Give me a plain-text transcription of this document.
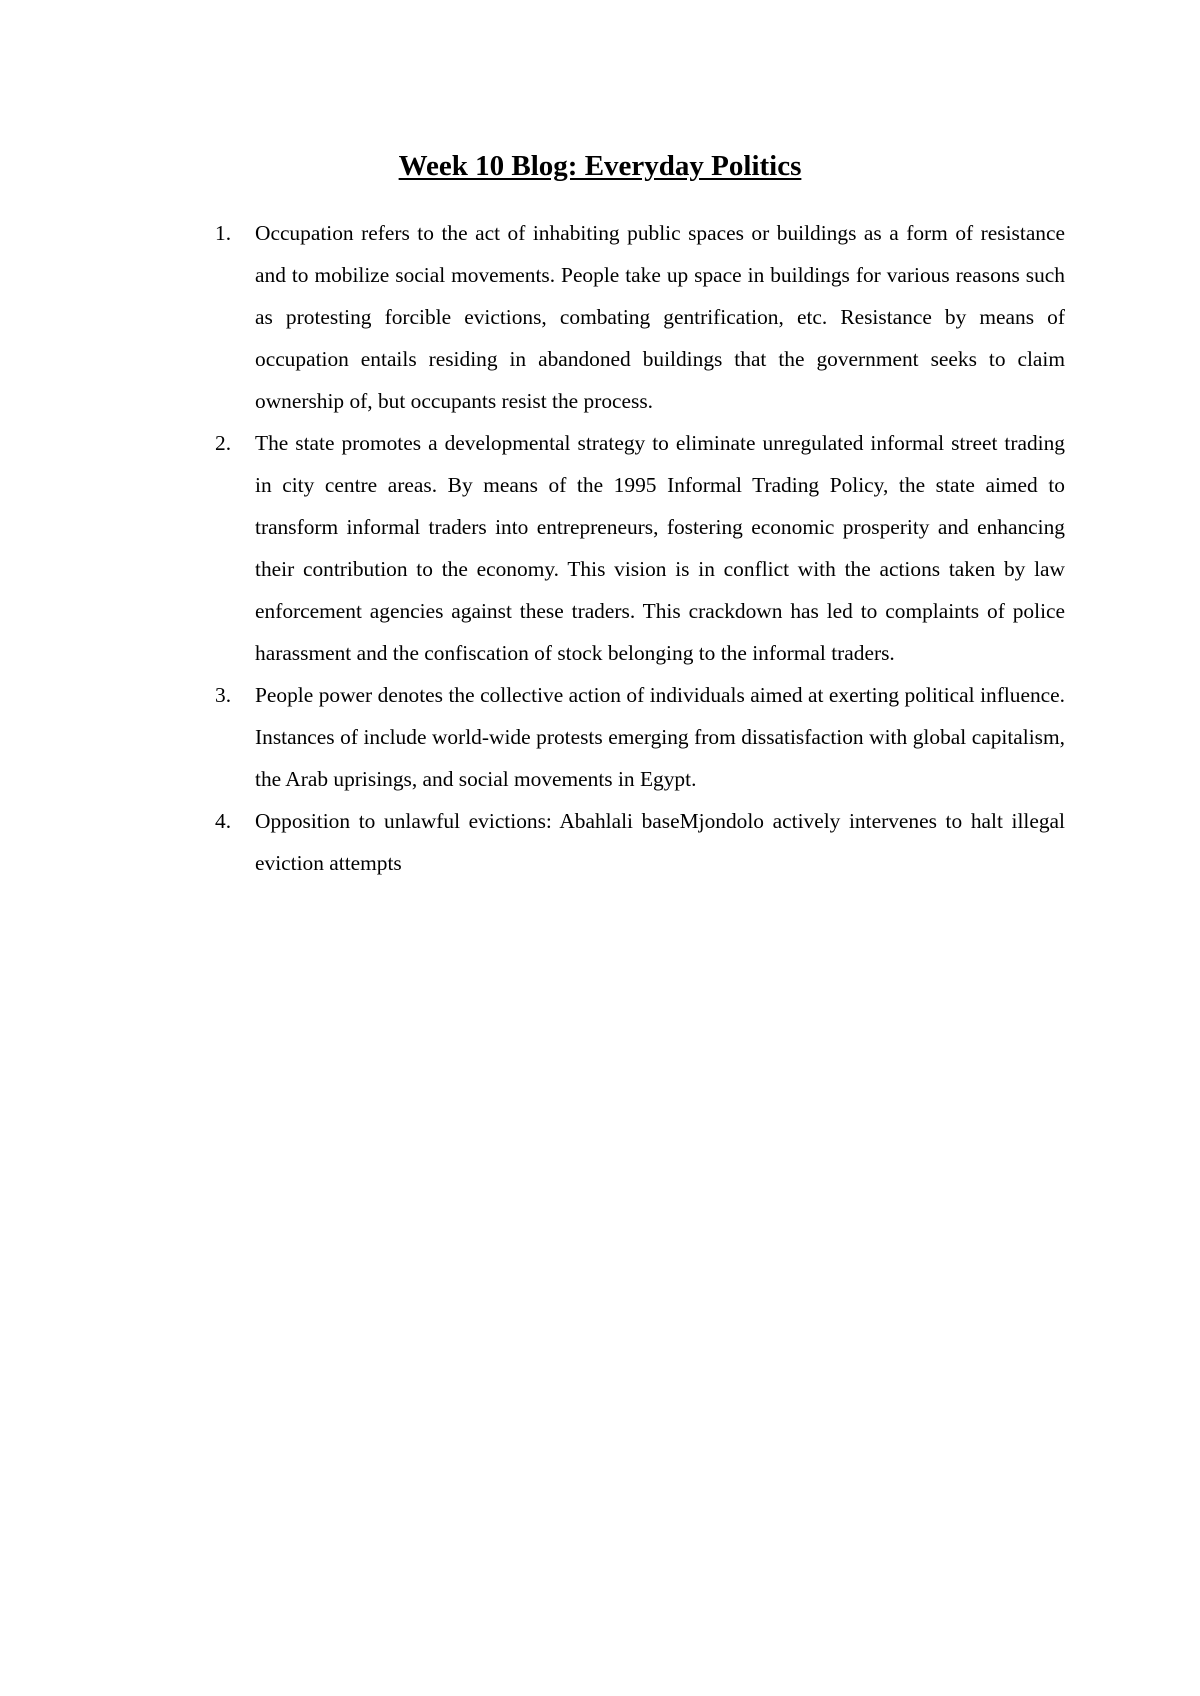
Week 10 Blog: Everyday Politics
1. Occupation refers to the act of inhabiting public spaces or buildings as a form of resistance and to mobilize social movements. People take up space in buildings for various reasons such as protesting forcible evictions, combating gentrification, etc. Resistance by means of occupation entails residing in abandoned buildings that the government seeks to claim ownership of, but occupants resist the process.
2. The state promotes a developmental strategy to eliminate unregulated informal street trading in city centre areas. By means of the 1995 Informal Trading Policy, the state aimed to transform informal traders into entrepreneurs, fostering economic prosperity and enhancing their contribution to the economy. This vision is in conflict with the actions taken by law enforcement agencies against these traders. This crackdown has led to complaints of police harassment and the confiscation of stock belonging to the informal traders.
3. People power denotes the collective action of individuals aimed at exerting political influence. Instances of include world-wide protests emerging from dissatisfaction with global capitalism, the Arab uprisings, and social movements in Egypt.
4. Opposition to unlawful evictions: Abahlali baseMjondolo actively intervenes to halt illegal eviction attempts
